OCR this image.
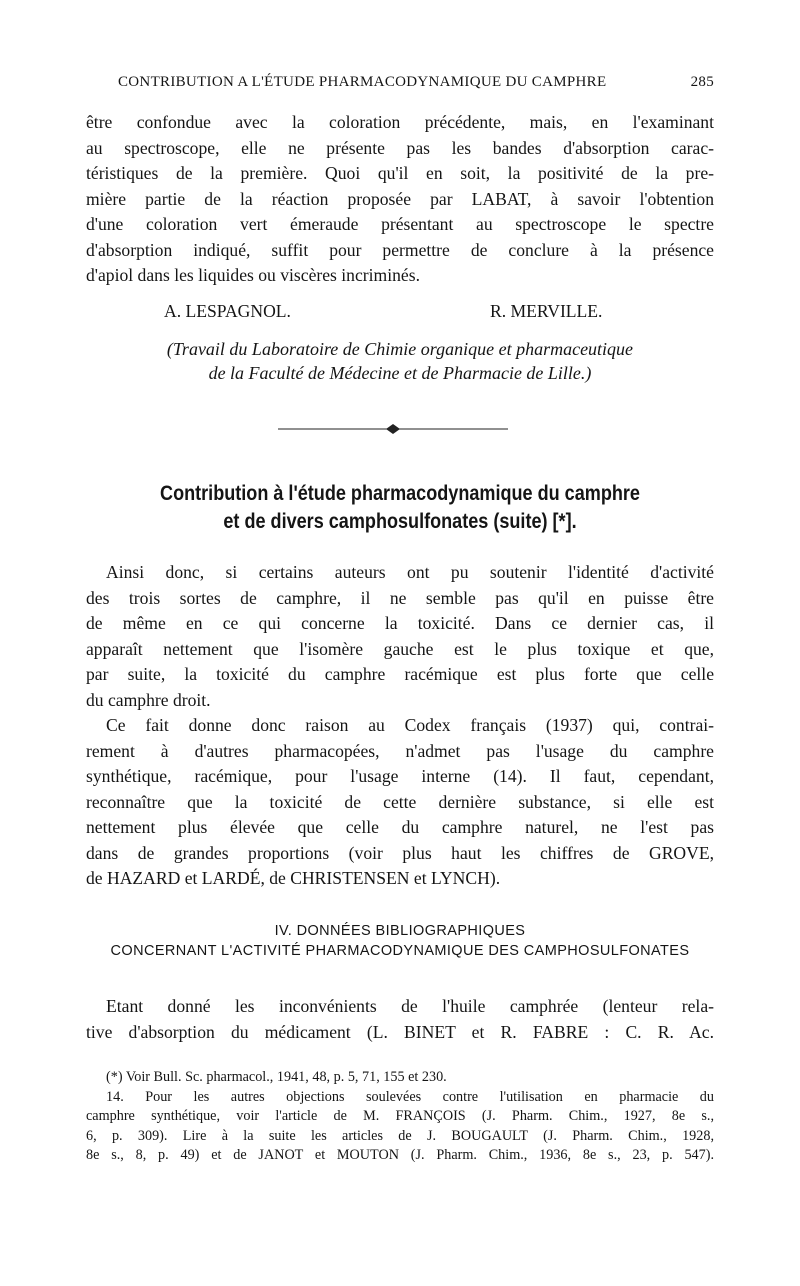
CONTRIBUTION A L'ÉTUDE PHARMACODYNAMIQUE DU CAMPHRE	285
être confondue avec la coloration précédente, mais, en l'examinant
au spectroscope, elle ne présente pas les bandes d'absorption carac-
téristiques de la première. Quoi qu'il en soit, la positivité de la pre-
mière partie de la réaction proposée par LABAT, à savoir l'obtention
d'une coloration vert émeraude présentant au spectroscope le spectre
d'absorption indiqué, suffit pour permettre de conclure à la présence
d'apiol dans les liquides ou viscères incriminés.
A. LESPAGNOL.	R. MERVILLE.
(Travail du Laboratoire de Chimie organique et pharmaceutique
de la Faculté de Médecine et de Pharmacie de Lille.)
Contribution à l'étude pharmacodynamique du camphre
et de divers camphosulfonates (suite) [*].
Ainsi donc, si certains auteurs ont pu soutenir l'identité d'activité
des trois sortes de camphre, il ne semble pas qu'il en puisse être
de même en ce qui concerne la toxicité. Dans ce dernier cas, il
apparaît nettement que l'isomère gauche est le plus toxique et que,
par suite, la toxicité du camphre racémique est plus forte que celle
du camphre droit.
Ce fait donne donc raison au Codex français (1937) qui, contrai-
rement à d'autres pharmacopées, n'admet pas l'usage du camphre
synthétique, racémique, pour l'usage interne (14). Il faut, cependant,
reconnaître que la toxicité de cette dernière substance, si elle est
nettement plus élevée que celle du camphre naturel, ne l'est pas
dans de grandes proportions (voir plus haut les chiffres de GROVE,
de HAZARD et LARDÉ, de CHRISTENSEN et LYNCH).
IV. DONNÉES BIBLIOGRAPHIQUES
CONCERNANT L'ACTIVITÉ PHARMACODYNAMIQUE DES CAMPHOSULFONATES
Etant donné les inconvénients de l'huile camphrée (lenteur rela-
tive d'absorption du médicament (L. BINET et R. FABRE : C. R. Ac.
(*) Voir Bull. Sc. pharmacol., 1941, 48, p. 5, 71, 155 et 230.
14. Pour les autres objections soulevées contre l'utilisation en pharmacie du
camphre synthétique, voir l'article de M. FRANÇOIS (J. Pharm. Chim., 1927, 8e s.,
6, p. 309). Lire à la suite les articles de J. BOUGAULT (J. Pharm. Chim., 1928,
8e s., 8, p. 49) et de JANOT et MOUTON (J. Pharm. Chim., 1936, 8e s., 23, p. 547).
